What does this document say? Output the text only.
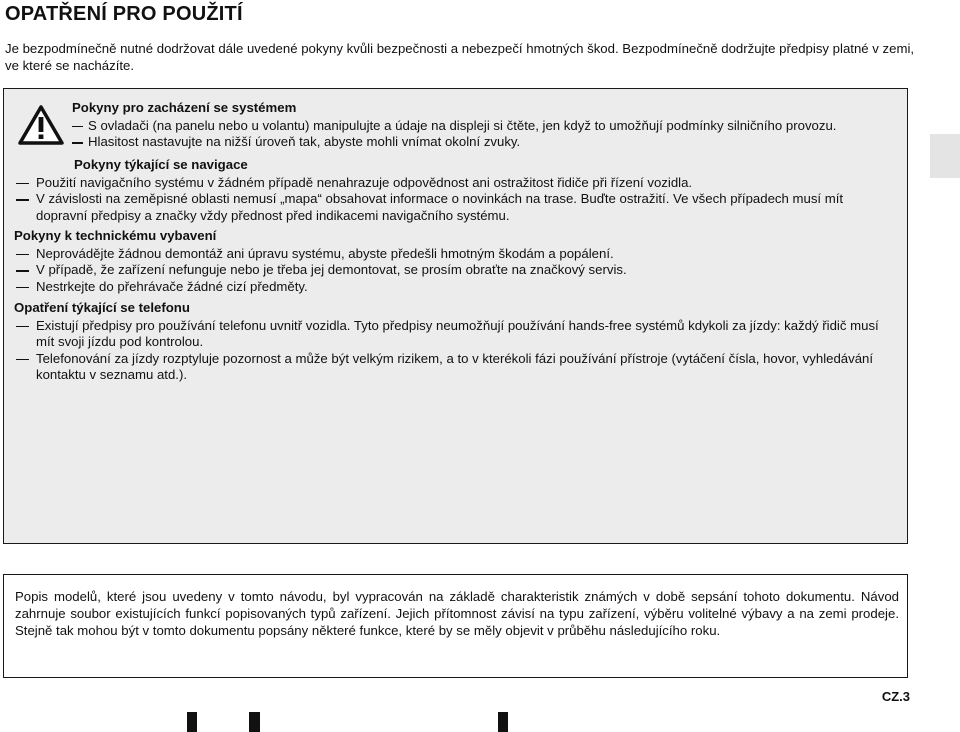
OPATŘENÍ PRO POUŽITÍ

Je bezpodmínečně nutné dodržovat dále uvedené pokyny kvůli bezpečnosti a nebezpečí hmotných škod. Bezpodmínečně dodržujte předpisy platné v zemi, ve které se nacházíte.

Pokyny pro zacházení se systémem
S ovladači (na panelu nebo u volantu) manipulujte a údaje na displeji si čtěte, jen když to umožňují podmínky silničního provozu.
Hlasitost nastavujte na nižší úroveň tak, abyste mohli vnímat okolní zvuky.
Pokyny týkající se navigace
Použití navigačního systému v žádném případě nenahrazuje odpovědnost ani ostražitost řidiče při řízení vozidla.
V závislosti na zeměpisné oblasti nemusí „mapa“ obsahovat informace o novinkách na trase. Buďte ostražití. Ve všech případech musí mít dopravní předpisy a značky vždy přednost před indikacemi navigačního systému.
Pokyny k technickému vybavení
Neprovádějte žádnou demontáž ani úpravu systému, abyste předešli hmotným škodám a popálení.
V případě, že zařízení nefunguje nebo je třeba jej demontovat, se prosím obraťte na značkový servis.
Nestrkejte do přehrávače žádné cizí předměty.
Opatření týkající se telefonu
Existují předpisy pro používání telefonu uvnitř vozidla. Tyto předpisy neumožňují používání hands-free systémů kdykoli za jízdy: každý řidič musí mít svoji jízdu pod kontrolou.
Telefonování za jízdy rozptyluje pozornost a může být velkým rizikem, a to v kterékoli fázi používání přístroje (vytáčení čísla, hovor, vyhledávání kontaktu v seznamu atd.).

Popis modelů, které jsou uvedeny v tomto návodu, byl vypracován na základě charakteristik známých v době sepsání tohoto dokumentu. Návod zahrnuje soubor existujících funkcí popisovaných typů zařízení. Jejich přítomnost závisí na typu zařízení, výběru volitelné výbavy a na zemi prodeje. Stejně tak mohou být v tomto dokumentu popsány některé funkce, které by se měly objevit v průběhu následujícího roku.

CZ.3
